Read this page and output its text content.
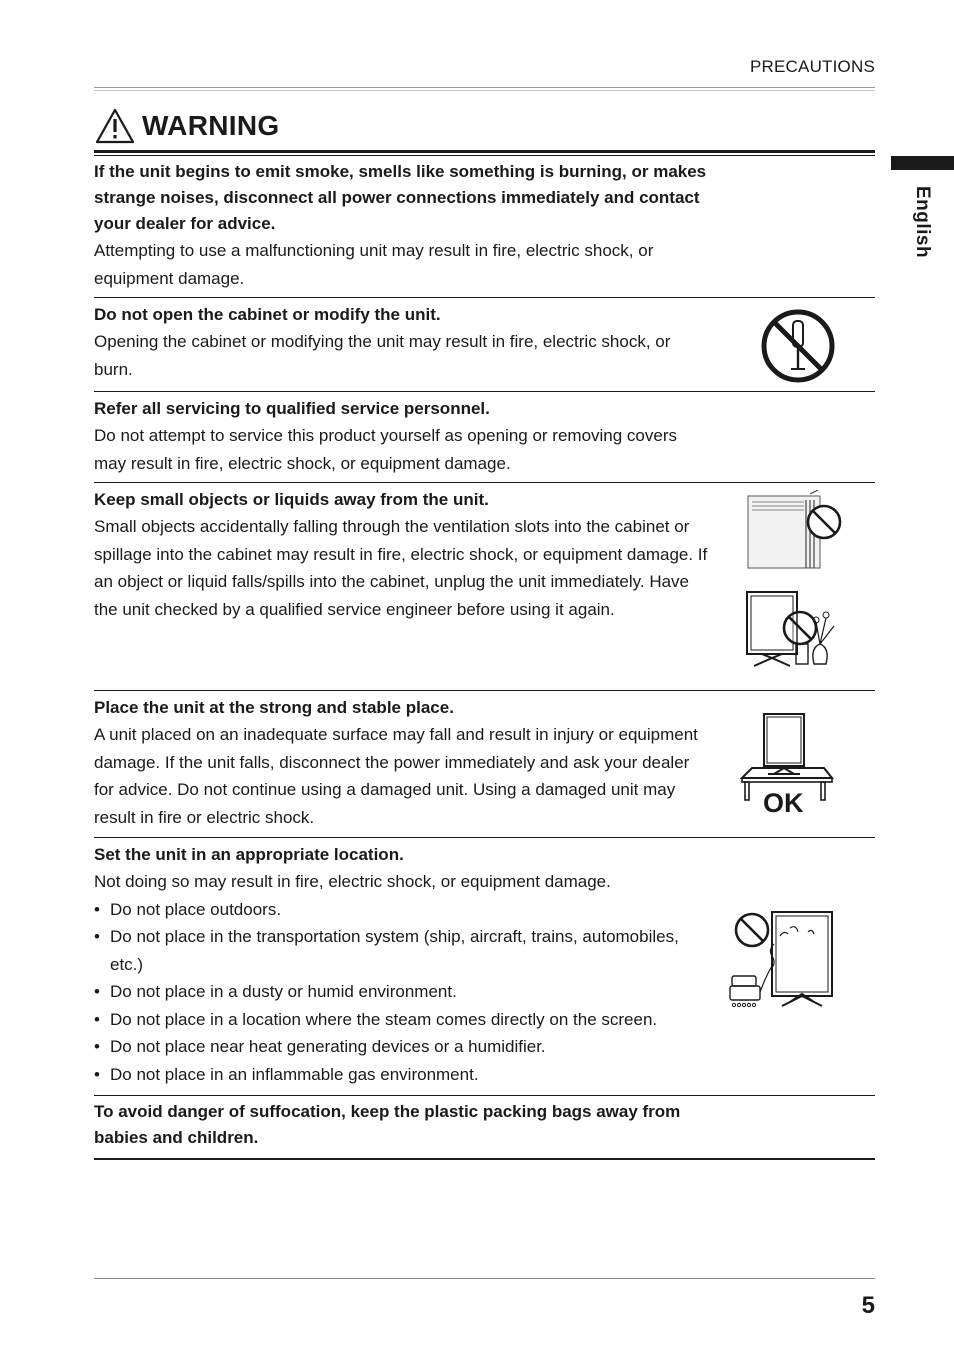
PRECAUTIONS
WARNING
English

If the unit begins to emit smoke, smells like something is burning, or makes strange noises, disconnect all power connections immediately and contact your dealer for advice.

Attempting to use a malfunctioning unit may result in fire, electric shock, or equipment damage.

Do not open the cabinet or modify the unit.

Opening the cabinet or modifying the unit may result in fire, electric shock, or burn.

Refer all servicing to qualified service personnel.

Do not attempt to service this product yourself as opening or removing covers may result in fire, electric shock, or equipment damage.

Keep small objects or liquids away from the unit.

Small objects accidentally falling through the ventilation slots into the cabinet or spillage into the cabinet may result in fire, electric shock, or equipment damage. If an object or liquid falls/spills into the cabinet, unplug the unit immediately. Have the unit checked by a qualified service engineer before using it again.

Place the unit at the strong and stable place.

A unit placed on an inadequate surface may fall and result in injury or equipment damage. If the unit falls, disconnect the power immediately and ask your dealer for advice. Do not continue using a damaged unit. Using a damaged unit may result in fire or electric shock.	OK

Set the unit in an appropriate location.

Not doing so may result in fire, electric shock, or equipment damage.

• Do not place outdoors.
• Do not place in the transportation system (ship, aircraft, trains, automobiles, etc.)
• Do not place in a dusty or humid environment.
• Do not place in a location where the steam comes directly on the screen.
• Do not place near heat generating devices or a humidifier.
• Do not place in an inflammable gas environment.

To avoid danger of suffocation, keep the plastic packing bags away from babies and children.

5
